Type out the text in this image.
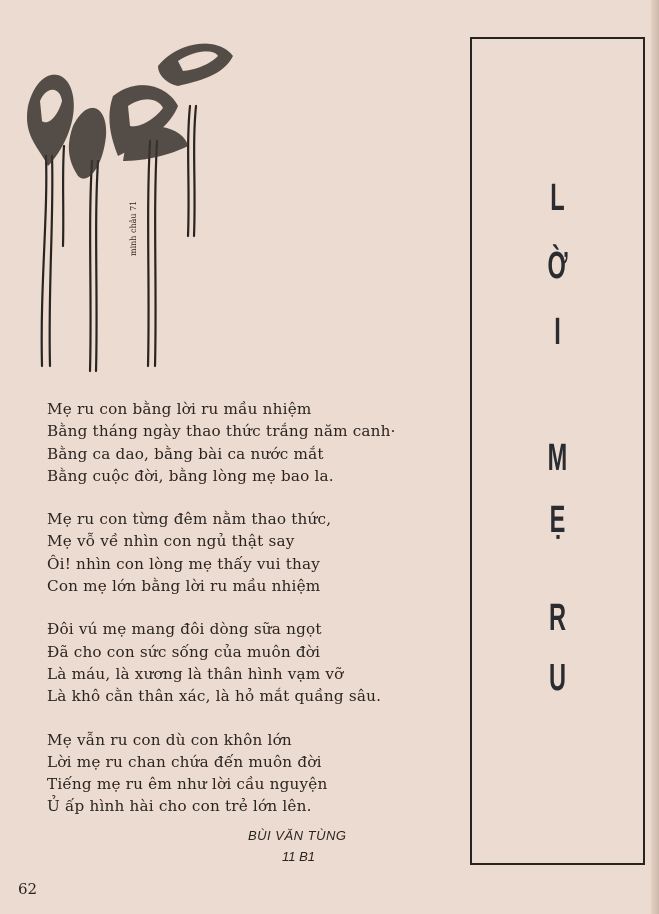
minh châu 71
Mẹ ru con bằng lời ru mầu nhiệm
Bằng tháng ngày thao thức trắng năm canh·
Bằng ca dao, bằng bài ca nước mắt
Bằng cuộc đời, bằng lòng mẹ bao la.
Mẹ ru con từng đêm nằm thao thức,
Mẹ vỗ về nhìn con ngủ thật say
Ôi! nhìn con lòng mẹ thấy vui thay
Con mẹ lớn bằng lời ru mầu nhiệm
Đôi vú mẹ mang đôi dòng sữa ngọt
Đã cho con sức sống của muôn đời
Là máu, là xương là thân hình vạm vỡ
Là khô cằn thân xác, là hỏ mắt quầng sâu.
Mẹ vẫn ru con dù con khôn lớn
Lời mẹ ru chan chứa đến muôn đời
Tiếng mẹ ru êm như lời cầu nguyện
Ủ ấp hình hài cho con trẻ lớn lên.
BÙI VĂN TÙNG
11 B1
62
L
Ờ
I
M
Ẹ
R
U
